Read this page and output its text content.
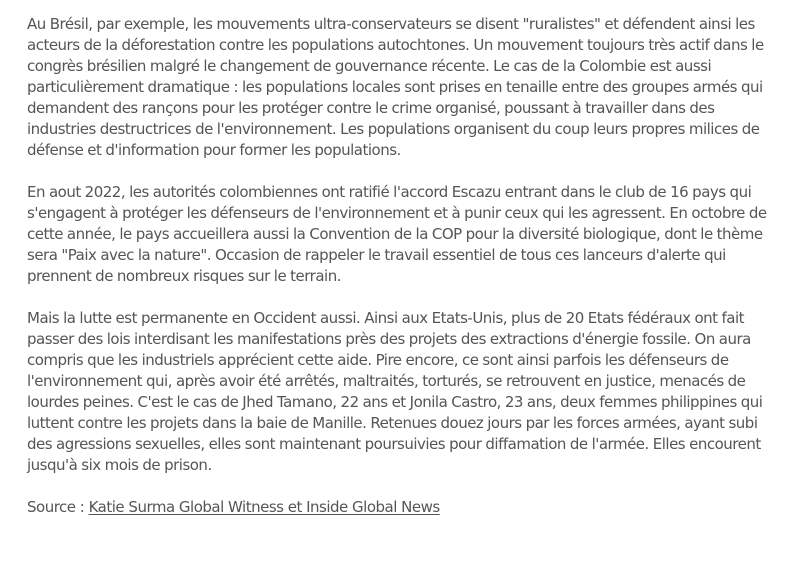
Au Brésil, par exemple, les mouvements ultra-conservateurs se disent "ruralistes" et défendent ainsi les acteurs de la déforestation contre les populations autochtones. Un mouvement toujours très actif dans le congrès brésilien malgré le changement de gouvernance récente. Le cas de la Colombie est aussi particulièrement dramatique : les populations locales sont prises en tenaille entre des groupes armés qui demandent des rançons pour les protéger contre le crime organisé, poussant à travailler dans des industries destructrices de l'environnement. Les populations organisent du coup leurs propres milices de défense et d'information pour former les populations.

En aout 2022, les autorités colombiennes ont ratifié l'accord Escazu entrant dans le club de 16 pays qui s'engagent à protéger les défenseurs de l'environnement et à punir ceux qui les agressent. En octobre de cette année, le pays accueillera aussi la Convention de la COP pour la diversité biologique, dont le thème sera "Paix avec la nature". Occasion de rappeler le travail essentiel de tous ces lanceurs d'alerte qui prennent de nombreux risques sur le terrain.

Mais la lutte est permanente en Occident aussi. Ainsi aux Etats-Unis, plus de 20 Etats fédéraux ont fait passer des lois interdisant les manifestations près des projets des extractions d'énergie fossile. On aura compris que les industriels apprécient cette aide. Pire encore, ce sont ainsi parfois les défenseurs de l'environnement qui, après avoir été arrêtés, maltraités, torturés, se retrouvent en justice, menacés de lourdes peines. C'est le cas de Jhed Tamano, 22 ans et Jonila Castro, 23 ans, deux femmes philippines qui luttent contre les projets dans la baie de Manille. Retenues douez jours par les forces armées, ayant subi des agressions sexuelles, elles sont maintenant poursuivies pour diffamation de l'armée. Elles encourent jusqu'à six mois de prison.

Source : Katie Surma Global Witness et Inside Global News
